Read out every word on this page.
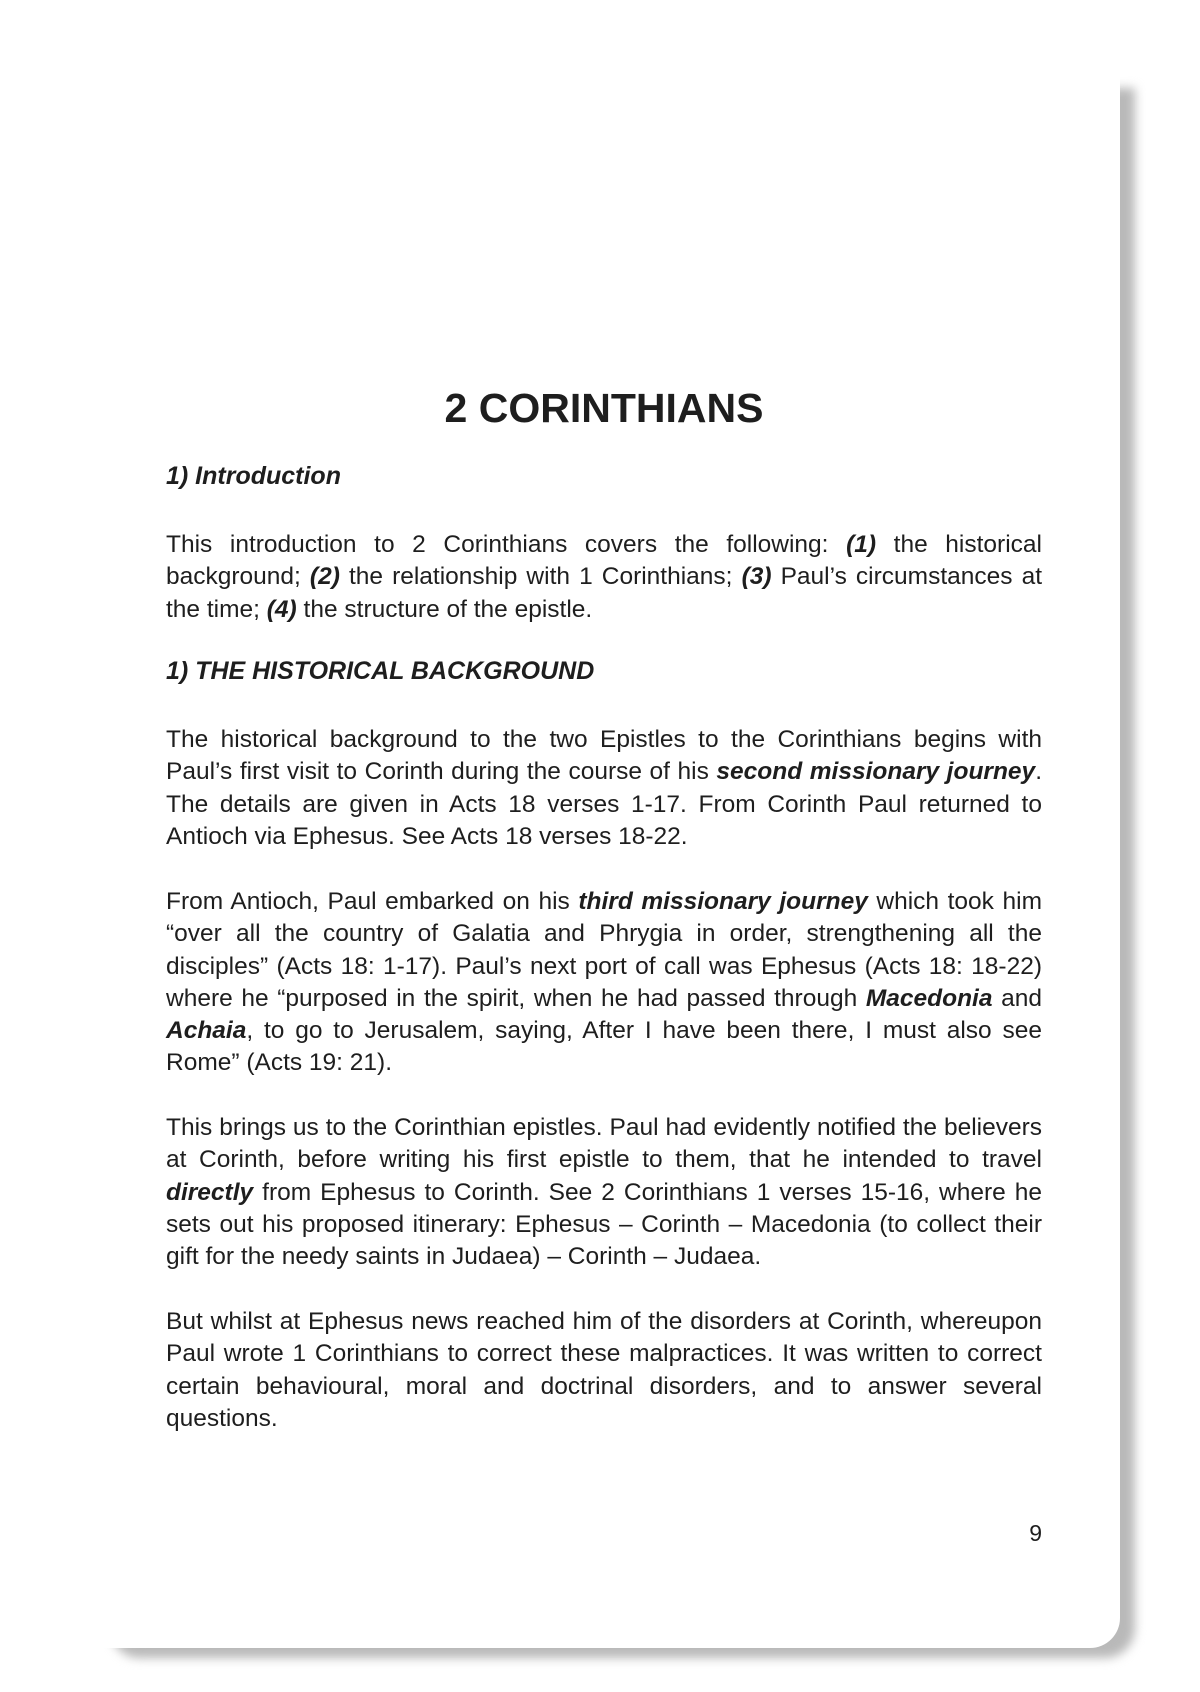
2 CORINTHIANS
1) Introduction

This introduction to 2 Corinthians covers the following: (1) the historical background; (2) the relationship with 1 Corinthians; (3) Paul’s circumstances at the time; (4) the structure of the epistle.

1) THE HISTORICAL BACKGROUND

The historical background to the two Epistles to the Corinthians begins with Paul’s first visit to Corinth during the course of his second missionary journey. The details are given in Acts 18 verses 1-17. From Corinth Paul returned to Antioch via Ephesus. See Acts 18 verses 18-22.

From Antioch, Paul embarked on his third missionary journey which took him “over all the country of Galatia and Phrygia in order, strengthening all the disciples” (Acts 18: 1-17). Paul’s next port of call was Ephesus (Acts 18: 18-22) where he “purposed in the spirit, when he had passed through Macedonia and Achaia, to go to Jerusalem, saying, After I have been there, I must also see Rome” (Acts 19: 21).

This brings us to the Corinthian epistles. Paul had evidently notified the believers at Corinth, before writing his first epistle to them, that he intended to travel directly from Ephesus to Corinth. See 2 Corinthians 1 verses 15-16, where he sets out his proposed itinerary: Ephesus – Corinth – Macedonia (to collect their gift for the needy saints in Judaea) – Corinth – Judaea.

But whilst at Ephesus news reached him of the disorders at Corinth, whereupon Paul wrote 1 Corinthians to correct these malpractices. It was written to correct certain behavioural, moral and doctrinal disorders, and to answer several questions.

9
